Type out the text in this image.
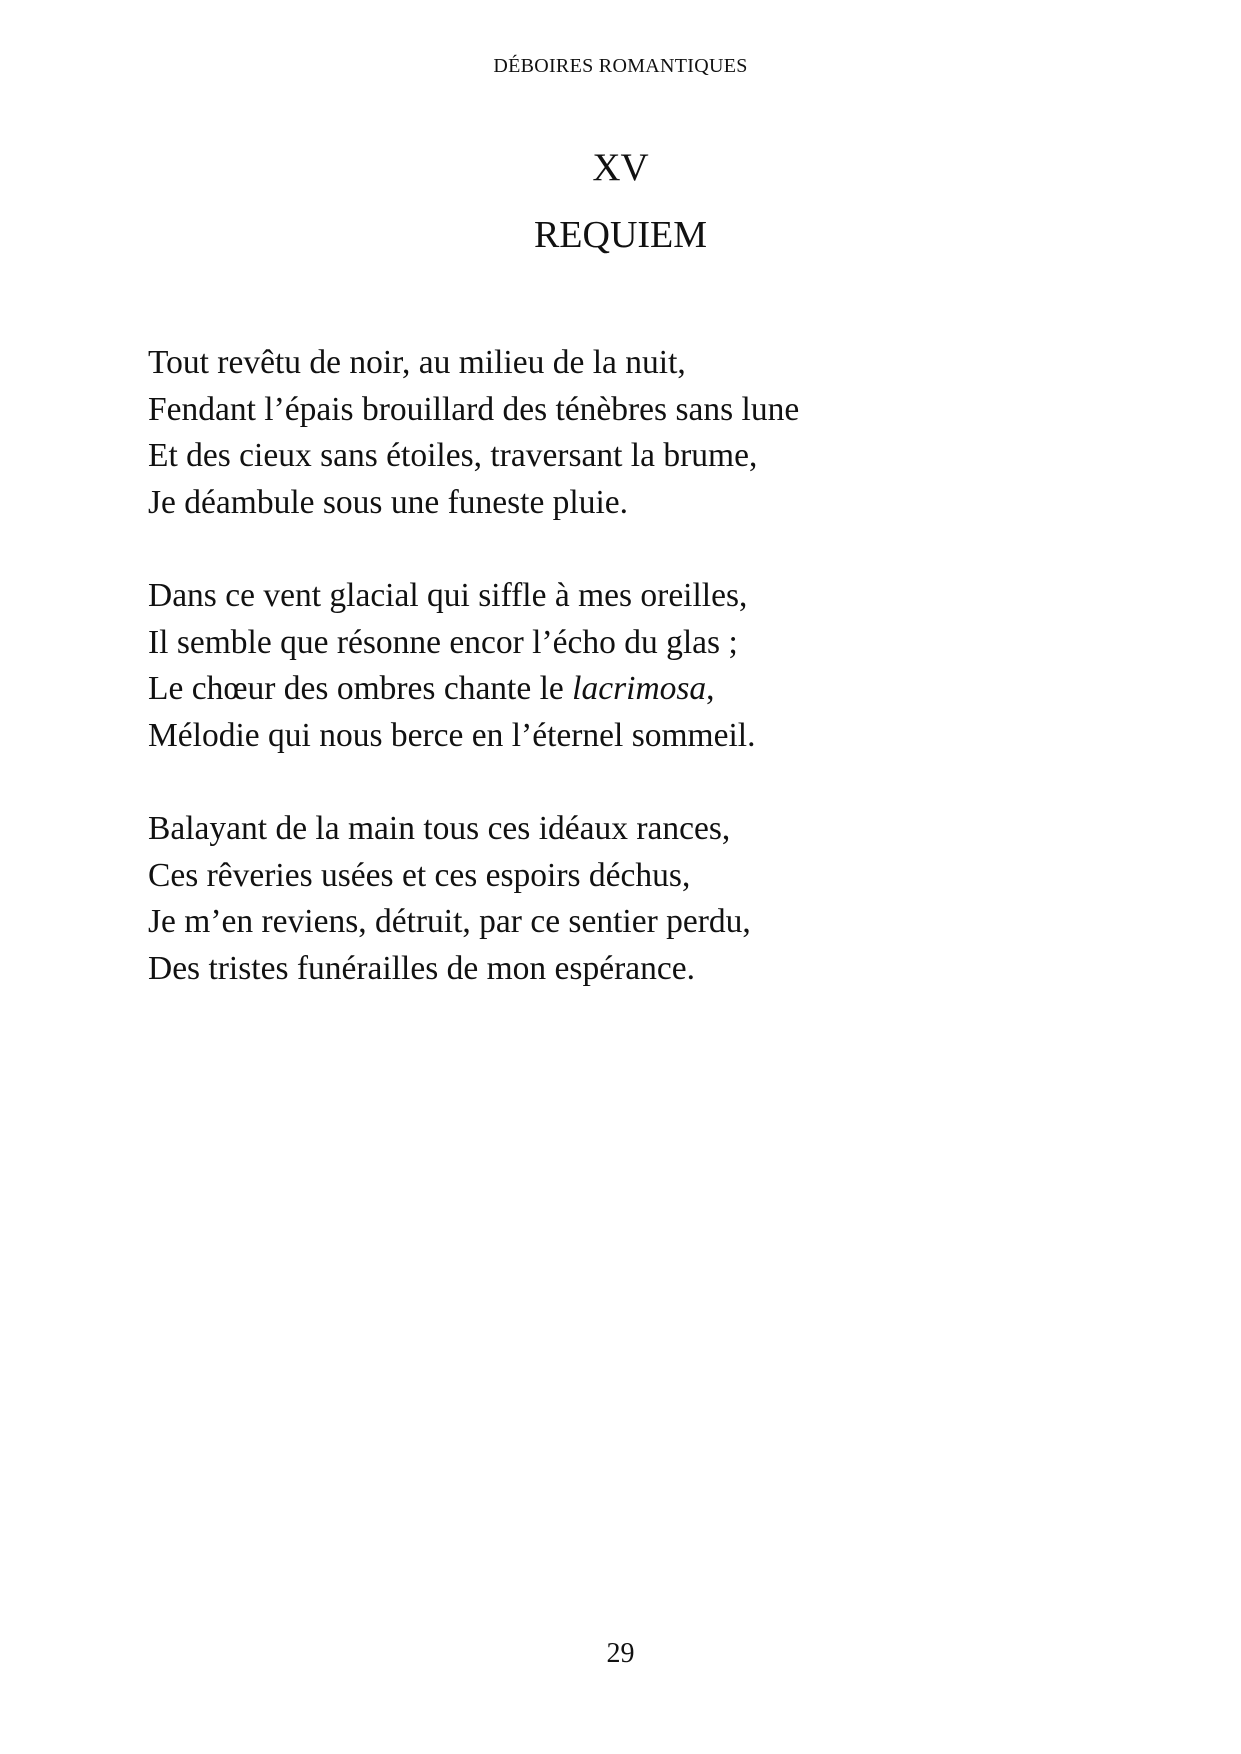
DÉBOIRES ROMANTIQUES
XV
REQUIEM
Tout revêtu de noir, au milieu de la nuit,
Fendant l’épais brouillard des ténèbres sans lune
Et des cieux sans étoiles, traversant la brume,
Je déambule sous une funeste pluie.
Dans ce vent glacial qui siffle à mes oreilles,
Il semble que résonne encor l’écho du glas ;
Le chœur des ombres chante le lacrimosa,
Mélodie qui nous berce en l’éternel sommeil.
Balayant de la main tous ces idéaux rances,
Ces rêveries usées et ces espoirs déchus,
Je m’en reviens, détruit, par ce sentier perdu,
Des tristes funérailles de mon espérance.
29
